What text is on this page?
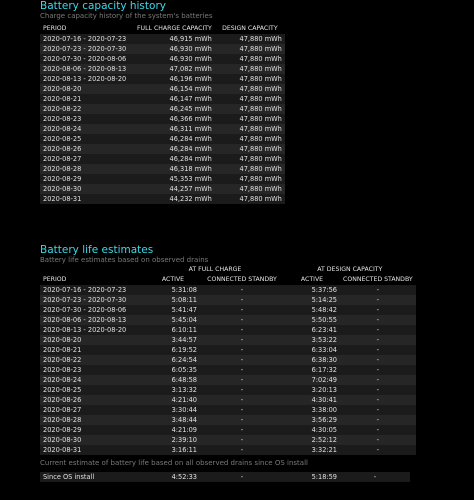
Battery capacity history
Charge capacity history of the system's batteries
PERIOD	FULL CHARGE CAPACITY	DESIGN CAPACITY
2020-07-16 - 2020-07-23	46,915 mWh	47,880 mWh
2020-07-23 - 2020-07-30	46,930 mWh	47,880 mWh
2020-07-30 - 2020-08-06	46,930 mWh	47,880 mWh
2020-08-06 - 2020-08-13	47,082 mWh	47,880 mWh
2020-08-13 - 2020-08-20	46,196 mWh	47,880 mWh
2020-08-20	46,154 mWh	47,880 mWh
2020-08-21	46,147 mWh	47,880 mWh
2020-08-22	46,245 mWh	47,880 mWh
2020-08-23	46,366 mWh	47,880 mWh
2020-08-24	46,311 mWh	47,880 mWh
2020-08-25	46,284 mWh	47,880 mWh
2020-08-26	46,284 mWh	47,880 mWh
2020-08-27	46,284 mWh	47,880 mWh
2020-08-28	46,318 mWh	47,880 mWh
2020-08-29	45,353 mWh	47,880 mWh
2020-08-30	44,257 mWh	47,880 mWh
2020-08-31	44,232 mWh	47,880 mWh
Battery life estimates
Battery life estimates based on observed drains
	AT FULL CHARGE		AT DESIGN CAPACITY	
PERIOD	ACTIVE	CONNECTED STANDBY	ACTIVE	CONNECTED STANDBY
2020-07-16 - 2020-07-23	5:31:08	-	5:37:56	-
2020-07-23 - 2020-07-30	5:08:11	-	5:14:25	-
2020-07-30 - 2020-08-06	5:41:47	-	5:48:42	-
2020-08-06 - 2020-08-13	5:45:04	-	5:50:55	-
2020-08-13 - 2020-08-20	6:10:11	-	6:23:41	-
2020-08-20	3:44:57	-	3:53:22	-
2020-08-21	6:19:52	-	6:33:04	-
2020-08-22	6:24:54	-	6:38:30	-
2020-08-23	6:05:35	-	6:17:32	-
2020-08-24	6:48:58	-	7:02:49	-
2020-08-25	3:13:32	-	3:20:13	-
2020-08-26	4:21:40	-	4:30:41	-
2020-08-27	3:30:44	-	3:38:00	-
2020-08-28	3:48:44	-	3:56:29	-
2020-08-29	4:21:09	-	4:30:05	-
2020-08-30	2:39:10	-	2:52:12	-
2020-08-31	3:16:11	-	3:32:21	-
Current estimate of battery life based on all observed drains since OS install
Since OS install	4:52:33	-	5:18:59	-
